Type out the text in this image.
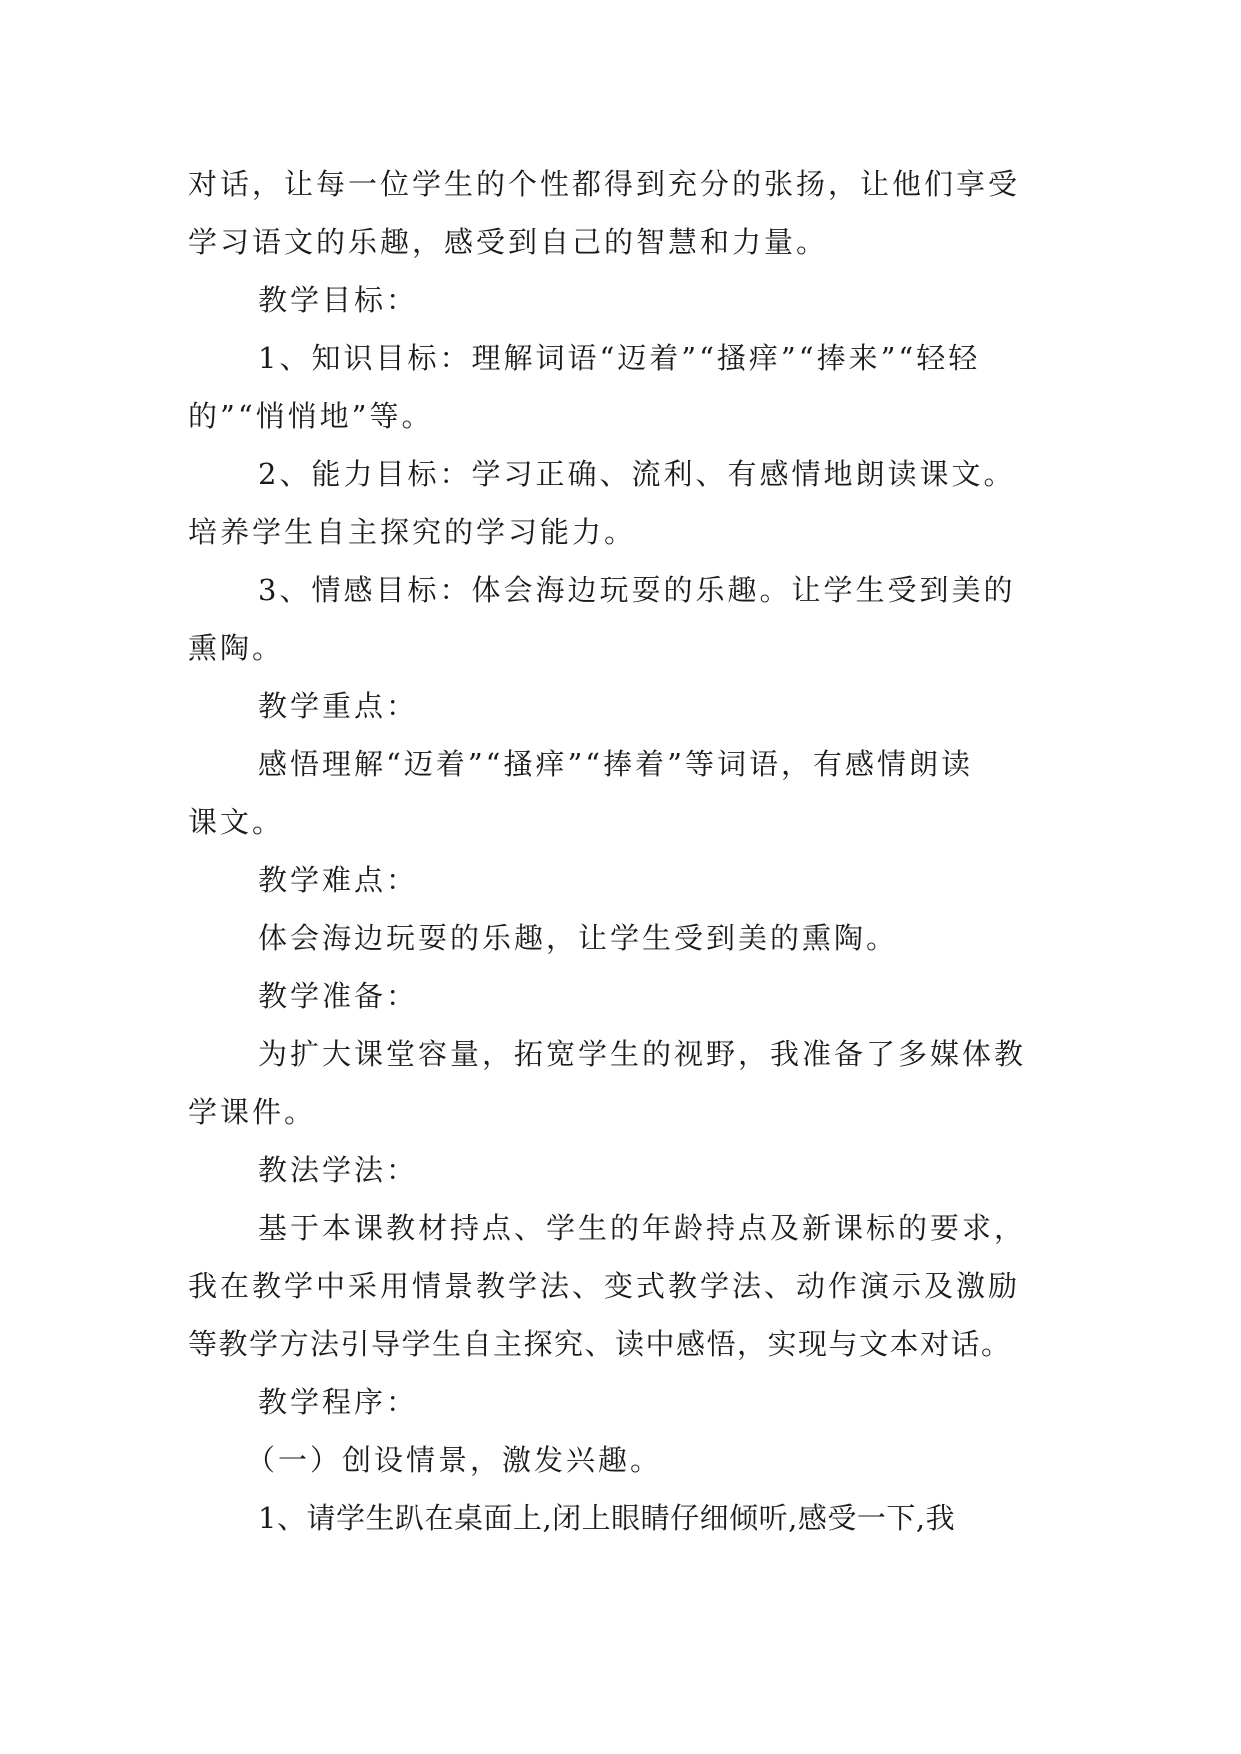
对话，让每一位学生的个性都得到充分的张扬，让他们享受
学习语文的乐趣，感受到自己的智慧和力量。
教学目标：
1、知识目标：理解词语“迈着”“搔痒”“捧来”“轻轻
的”“悄悄地”等。
2、能力目标：学习正确、流利、有感情地朗读课文。
培养学生自主探究的学习能力。
3、情感目标：体会海边玩耍的乐趣。让学生受到美的
熏陶。
教学重点：
感悟理解“迈着”“搔痒”“捧着”等词语，有感情朗读
课文。
教学难点：
体会海边玩耍的乐趣，让学生受到美的熏陶。
教学准备：
为扩大课堂容量，拓宽学生的视野，我准备了多媒体教
学课件。
教法学法：
基于本课教材持点、学生的年龄持点及新课标的要求，
我在教学中采用情景教学法、变式教学法、动作演示及激励
等教学方法引导学生自主探究、读中感悟，实现与文本对话。
教学程序：
（一）创设情景，激发兴趣。
1、请学生趴在桌面上,闭上眼睛仔细倾听,感受一下,我
